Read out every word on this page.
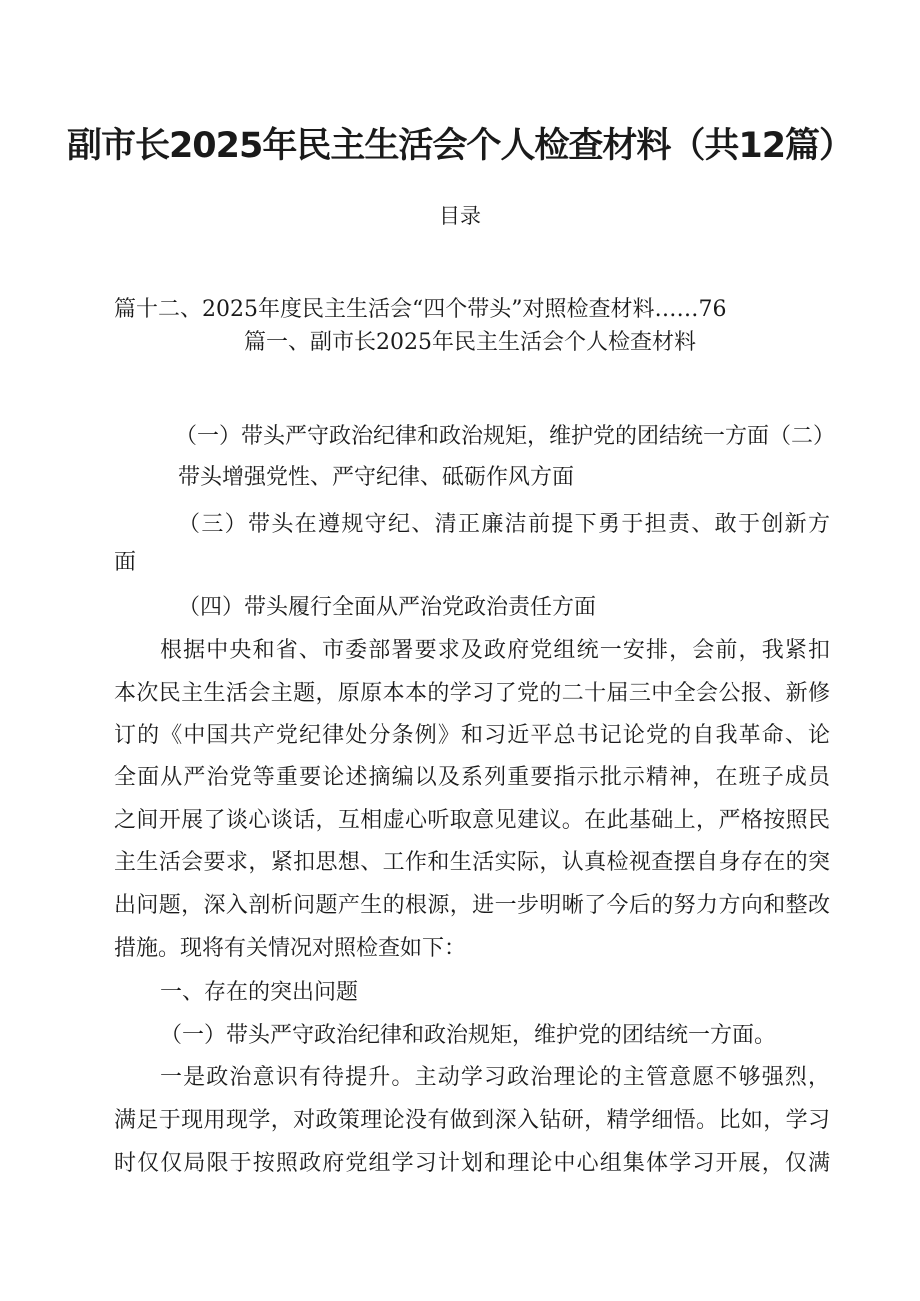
副市长2025年民主生活会个人检查材料（共12篇）
目录
篇十二、2025年度民主生活会“四个带头”对照检查材料……76
篇一、副市长2025年民主生活会个人检查材料
（一）带头严守政治纪律和政治规矩，维护党的团结统一方面（二）
带头增强党性、严守纪律、砥砺作风方面
（三）带头在遵规守纪、清正廉洁前提下勇于担责、敢于创新方
面
（四）带头履行全面从严治党政治责任方面
根据中央和省、市委部署要求及政府党组统一安排，会前，我紧扣
本次民主生活会主题，原原本本的学习了党的二十届三中全会公报、新修
订的《中国共产党纪律处分条例》和习近平总书记论党的自我革命、论
全面从严治党等重要论述摘编以及系列重要指示批示精神，在班子成员
之间开展了谈心谈话，互相虚心听取意见建议。在此基础上，严格按照民
主生活会要求，紧扣思想、工作和生活实际，认真检视查摆自身存在的突
出问题，深入剖析问题产生的根源，进一步明晰了今后的努力方向和整改
措施。现将有关情况对照检查如下：
一、存在的突出问题
（一）带头严守政治纪律和政治规矩，维护党的团结统一方面。
一是政治意识有待提升。主动学习政治理论的主管意愿不够强烈，
满足于现用现学，对政策理论没有做到深入钻研，精学细悟。比如，学习
时仅仅局限于按照政府党组学习计划和理论中心组集体学习开展，仅满
